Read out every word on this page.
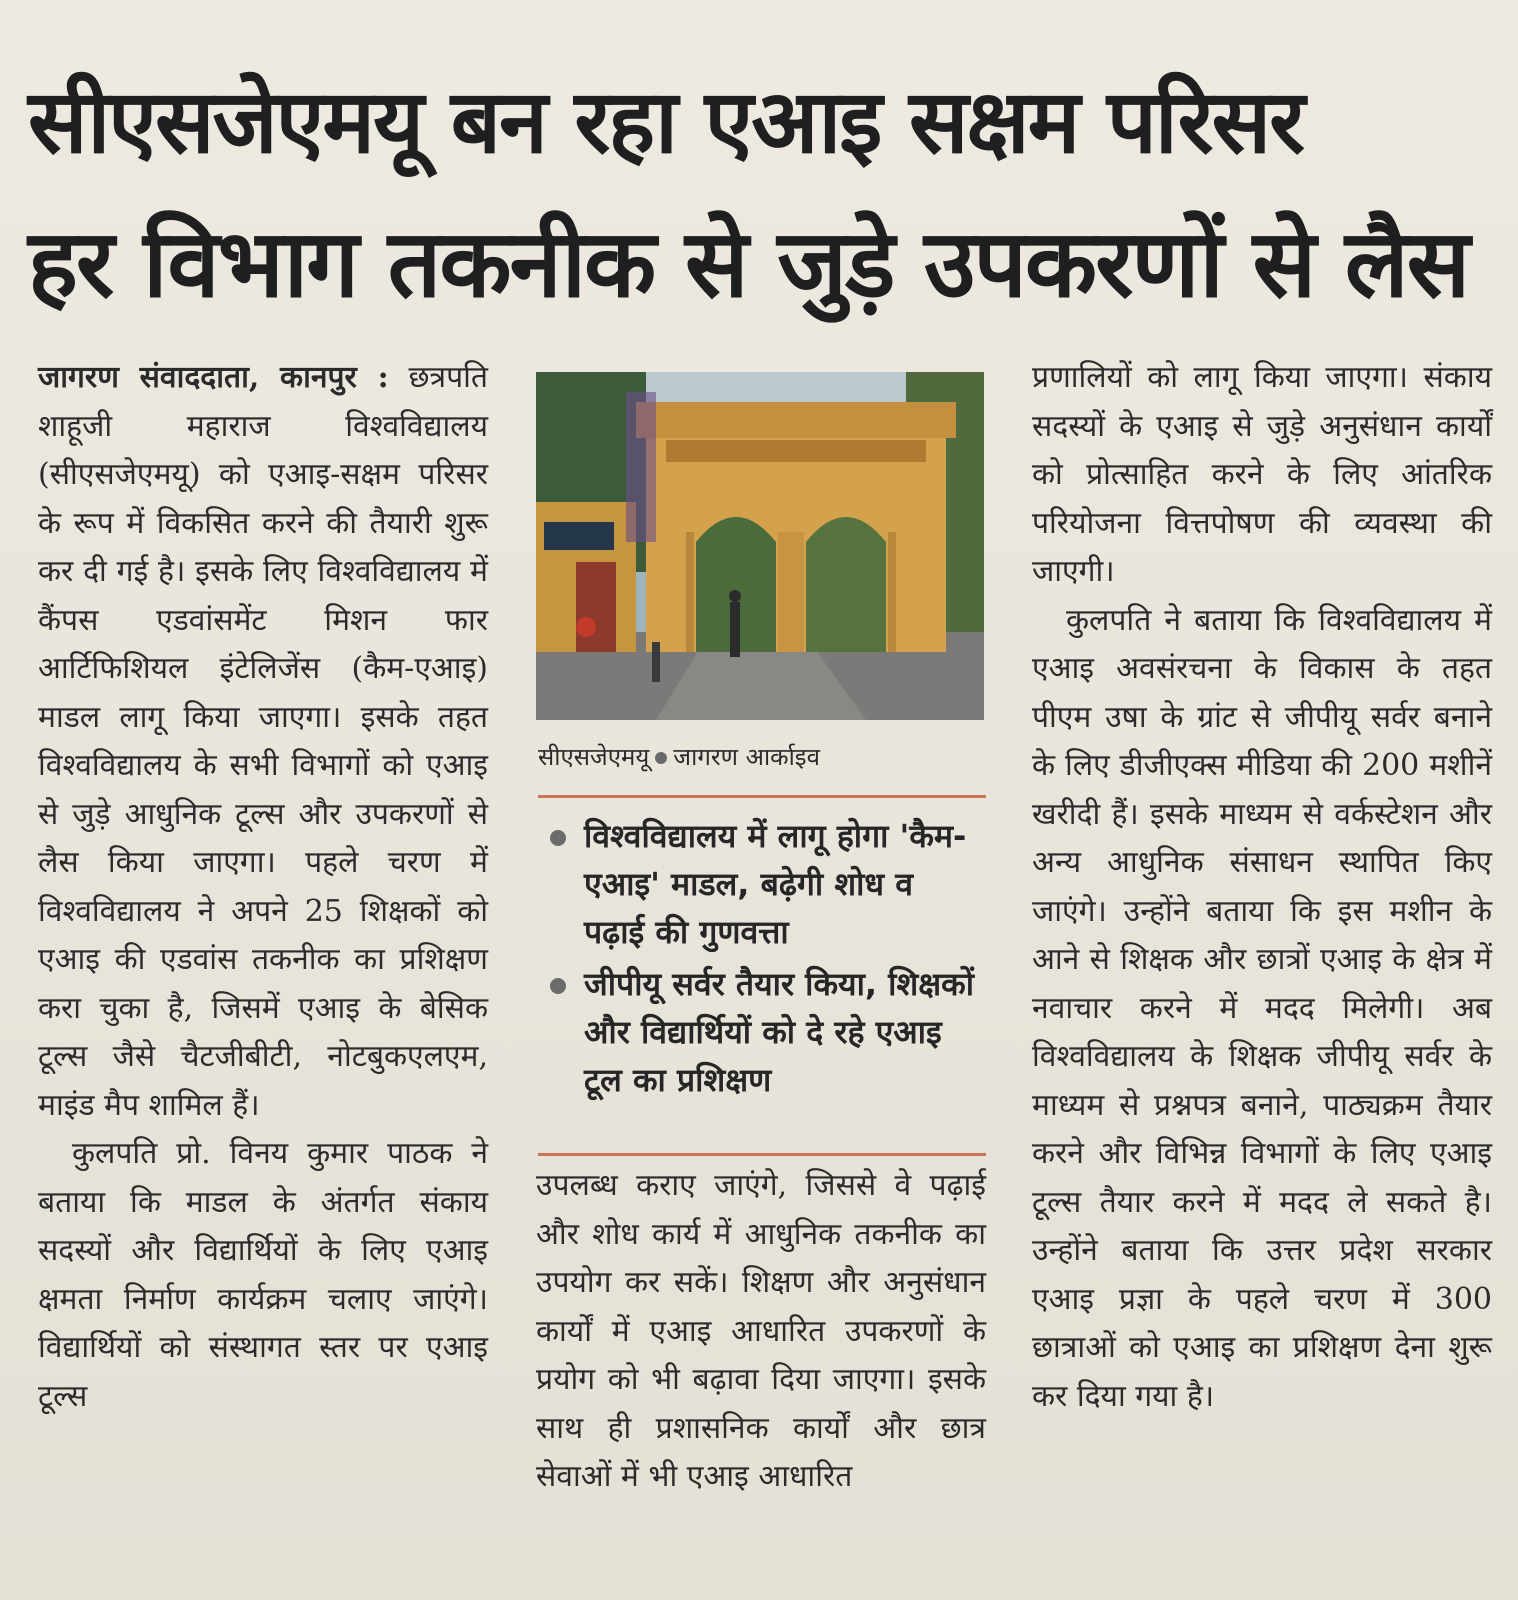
सीएसजेएमयू बन रहा एआइ सक्षम परिसर
हर विभाग तकनीक से जुड़े उपकरणों से लैस

जागरण संवाददाता, कानपुर : छत्रपति शाहूजी महाराज विश्वविद्यालय (सीएसजेएमयू) को एआइ-सक्षम परिसर के रूप में विकसित करने की तैयारी शुरू कर दी गई है। इसके लिए विश्वविद्यालय में कैंपस एडवांसमेंट मिशन फार आर्टिफिशियल इंटेलिजेंस (कैम-एआइ) माडल लागू किया जाएगा। इसके तहत विश्वविद्यालय के सभी विभागों को एआइ से जुड़े आधुनिक टूल्स और उपकरणों से लैस किया जाएगा। पहले चरण में विश्वविद्यालय ने अपने 25 शिक्षकों को एआइ की एडवांस तकनीक का प्रशिक्षण करा चुका है, जिसमें एआइ के बेसिक टूल्स जैसे चैटजीबीटी, नोटबुकएलएम, माइंड मैप शामिल हैं।

कुलपति प्रो. विनय कुमार पाठक ने बताया कि माडल के अंतर्गत संकाय सदस्यों और विद्यार्थियों के लिए एआइ क्षमता निर्माण कार्यक्रम चलाए जाएंगे। विद्यार्थियों को संस्थागत स्तर पर एआइ टूल्स

सीएसजेएमयू जागरण आर्काइव
विश्वविद्यालय में लागू होगा 'कैम-एआइ' माडल, बढ़ेगी शोध व पढ़ाई की गुणवत्ता
जीपीयू सर्वर तैयार किया, शिक्षकों और विद्यार्थियों को दे रहे एआइ टूल का प्रशिक्षण

उपलब्ध कराए जाएंगे, जिससे वे पढ़ाई और शोध कार्य में आधुनिक तकनीक का उपयोग कर सकें। शिक्षण और अनुसंधान कार्यों में एआइ आधारित उपकरणों के प्रयोग को भी बढ़ावा दिया जाएगा। इसके साथ ही प्रशासनिक कार्यों और छात्र सेवाओं में भी एआइ आधारित

प्रणालियों को लागू किया जाएगा। संकाय सदस्यों के एआइ से जुड़े अनुसंधान कार्यों को प्रोत्साहित करने के लिए आंतरिक परियोजना वित्तपोषण की व्यवस्था की जाएगी।

कुलपति ने बताया कि विश्वविद्यालय में एआइ अवसंरचना के विकास के तहत पीएम उषा के ग्रांट से जीपीयू सर्वर बनाने के लिए डीजीएक्स मीडिया की 200 मशीनें खरीदी हैं। इसके माध्यम से वर्कस्टेशन और अन्य आधुनिक संसाधन स्थापित किए जाएंगे। उन्होंने बताया कि इस मशीन के आने से शिक्षक और छात्रों एआइ के क्षेत्र में नवाचार करने में मदद मिलेगी। अब विश्वविद्यालय के शिक्षक जीपीयू सर्वर के माध्यम से प्रश्नपत्र बनाने, पाठ्यक्रम तैयार करने और विभिन्न विभागों के लिए एआइ टूल्स तैयार करने में मदद ले सकते है। उन्होंने बताया कि उत्तर प्रदेश सरकार एआइ प्रज्ञा के पहले चरण में 300 छात्राओं को एआइ का प्रशिक्षण देना शुरू कर दिया गया है।
